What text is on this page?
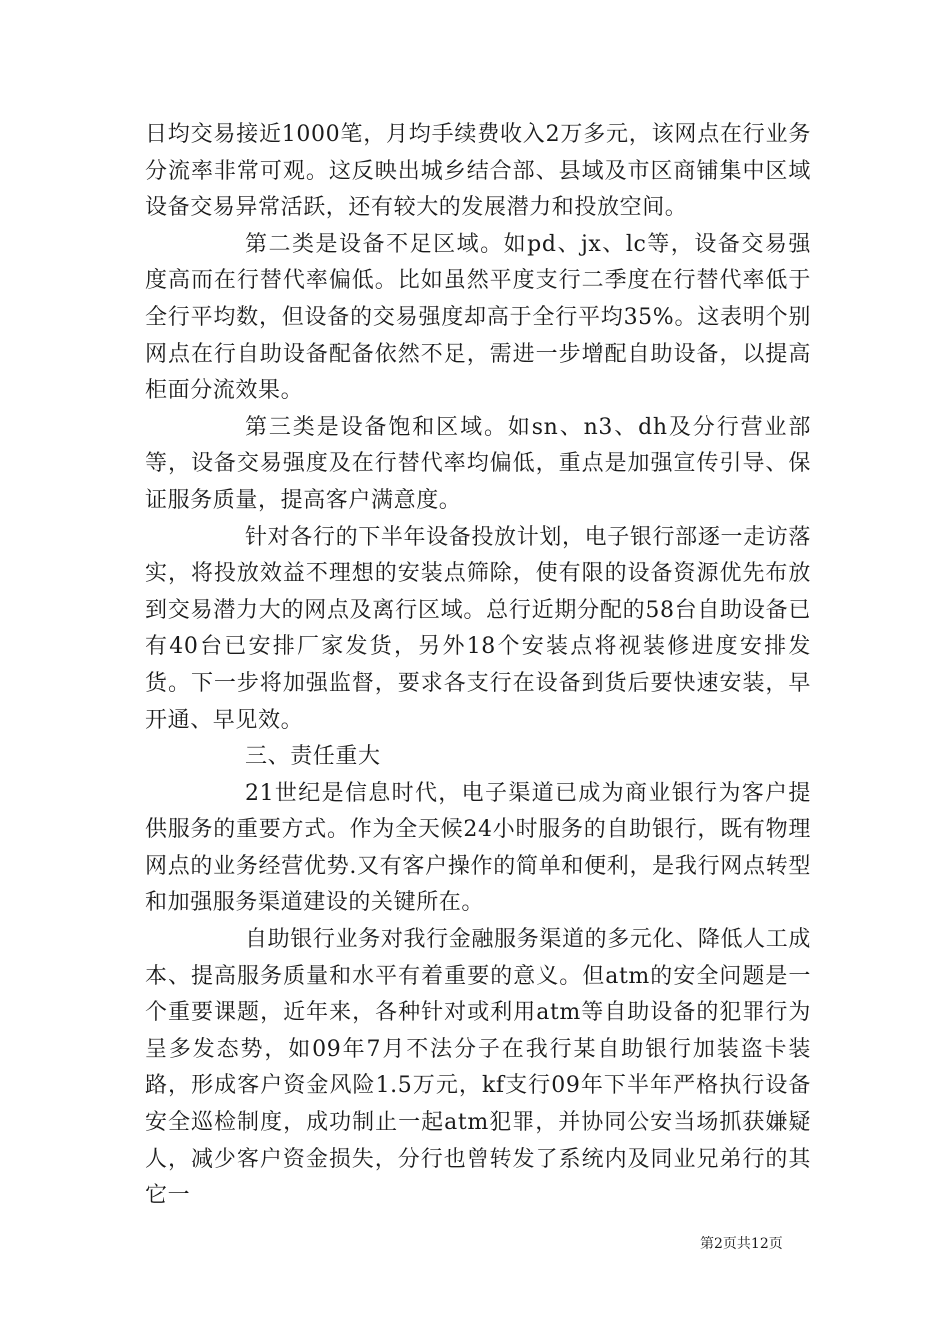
日均交易接近1000笔，月均手续费收入2万多元，该网点在行业务分流率非常可观。这反映出城乡结合部、县域及市区商铺集中区域设备交易异常活跃，还有较大的发展潜力和投放空间。

第二类是设备不足区域。如pd、jx、lc等，设备交易强度高而在行替代率偏低。比如虽然平度支行二季度在行替代率低于全行平均数，但设备的交易强度却高于全行平均35%。这表明个别网点在行自助设备配备依然不足，需进一步增配自助设备，以提高柜面分流效果。

第三类是设备饱和区域。如sn、n3、dh及分行营业部等，设备交易强度及在行替代率均偏低，重点是加强宣传引导、保证服务质量，提高客户满意度。

针对各行的下半年设备投放计划，电子银行部逐一走访落实，将投放效益不理想的安装点筛除，使有限的设备资源优先布放到交易潜力大的网点及离行区域。总行近期分配的58台自助设备已有40台已安排厂家发货，另外18个安装点将视装修进度安排发货。下一步将加强监督，要求各支行在设备到货后要快速安装，早开通、早见效。

三、责任重大

21世纪是信息时代，电子渠道已成为商业银行为客户提供服务的重要方式。作为全天候24小时服务的自助银行，既有物理网点的业务经营优势.又有客户操作的简单和便利，是我行网点转型和加强服务渠道建设的关键所在。

自助银行业务对我行金融服务渠道的多元化、降低人工成本、提高服务质量和水平有着重要的意义。但atm的安全问题是一个重要课题，近年来，各种针对或利用atm等自助设备的犯罪行为呈多发态势，如09年7月不法分子在我行某自助银行加装盗卡装路，形成客户资金风险1.5万元，kf支行09年下半年严格执行设备安全巡检制度，成功制止一起atm犯罪，并协同公安当场抓获嫌疑人，减少客户资金损失，分行也曾转发了系统内及同业兄弟行的其它一

第2页共12页
